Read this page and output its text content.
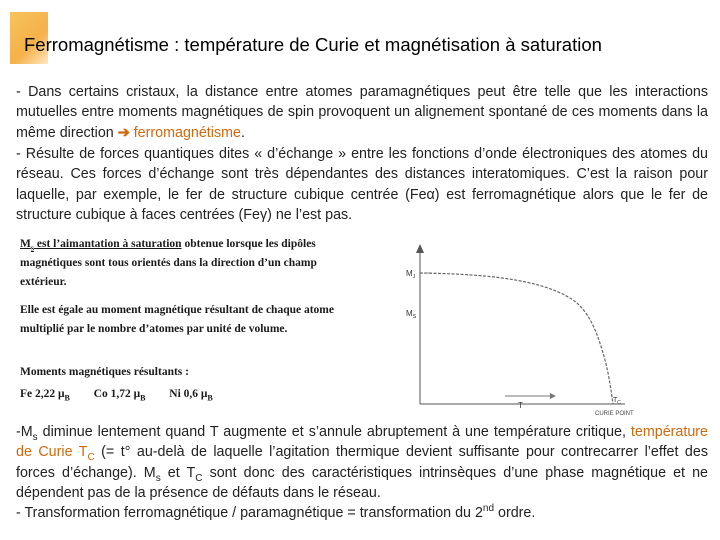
Ferromagnétisme : température de Curie et magnétisation à saturation
- Dans certains cristaux, la distance entre atomes paramagnétiques peut être telle que les interactions mutuelles entre moments magnétiques de spin provoquent un alignement spontané de ces moments dans la même direction ➔ ferromagnétisme.
- Résulte de forces quantiques dites « d’échange » entre les fonctions d’onde électroniques des atomes du réseau. Ces forces d’échange sont très dépendantes des distances interatomiques. C’est la raison pour laquelle, par exemple, le fer de structure cubique centrée (Feα) est ferromagnétique alors que le fer de structure cubique à faces centrées (Feγ) ne l’est pas.
$M_s$ est l’aimantation à saturation obtenue lorsque les dipôles
magnétiques sont tous orientés dans la direction d’un champ
extérieur.
Elle est égale au moment magnétique résultant de chaque atome
multiplié par le nombre d’atomes par unité de volume.
Moments magnétiques résultants :
Fe 2,22 $\mu_B$ Co 1,72 $\mu_B$ Ni 0,6 $\mu_B$
$M_J$
$M_S$
T
$T_C$
CURIE POINT
$-M_s$ diminue lentement quand T augmente et s’annule abruptement à une température critique, température de Curie $T_C$ (= t° au-delà de laquelle l’agitation thermique devient suffisante pour contrecarrer l’effet des forces d’échange). $M_s$ et $T_C$ sont donc des caractéristiques intrinsèques d’une phase magnétique et ne dépendent pas de la présence de défauts dans le réseau.
- Transformation ferromagnétique / paramagnétique = transformation du 2nd ordre.
